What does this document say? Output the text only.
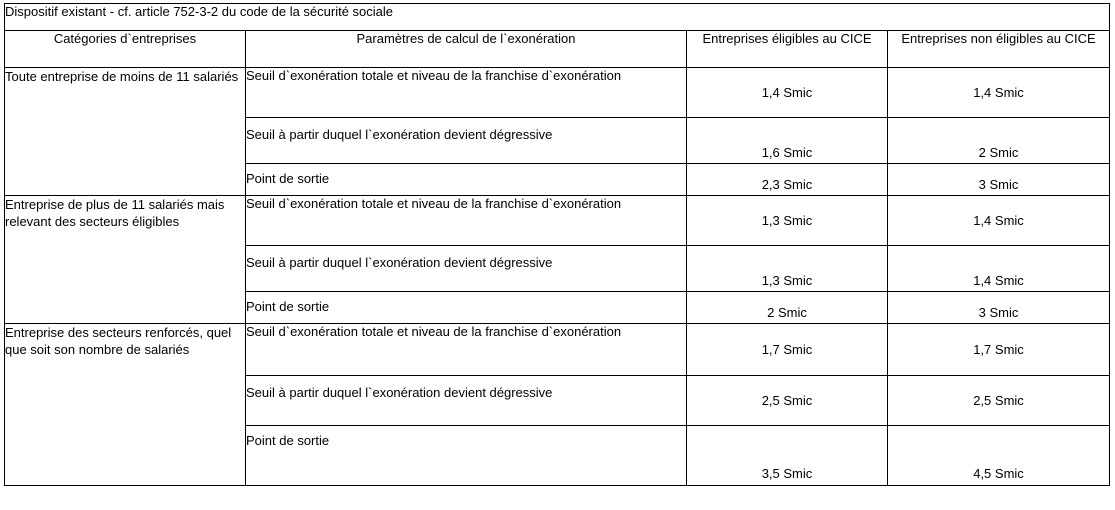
Dispositif existant - cf. article 752-3-2 du code de la sécurité sociale			
Catégories d`entreprises	Paramètres de calcul de l`exonération	Entreprises éligibles au CICE	Entreprises non éligibles au CICE
Toute entreprise de moins de 11 salariés	Seuil d`exonération totale et niveau de la franchise d`exonération	1,4 Smic	1,4 Smic
	Seuil à partir duquel l`exonération devient dégressive	1,6 Smic	2 Smic
	Point de sortie	2,3 Smic	3 Smic
Entreprise de plus de 11 salariés mais relevant des secteurs éligibles	Seuil d`exonération totale et niveau de la franchise d`exonération	1,3 Smic	1,4 Smic
	Seuil à partir duquel l`exonération devient dégressive	1,3 Smic	1,4 Smic
	Point de sortie	2 Smic	3 Smic
Entreprise des secteurs renforcés, quel que soit son nombre de salariés	Seuil d`exonération totale et niveau de la franchise d`exonération	1,7 Smic	1,7 Smic
	Seuil à partir duquel l`exonération devient dégressive	2,5 Smic	2,5 Smic
	Point de sortie	3,5 Smic	4,5 Smic
